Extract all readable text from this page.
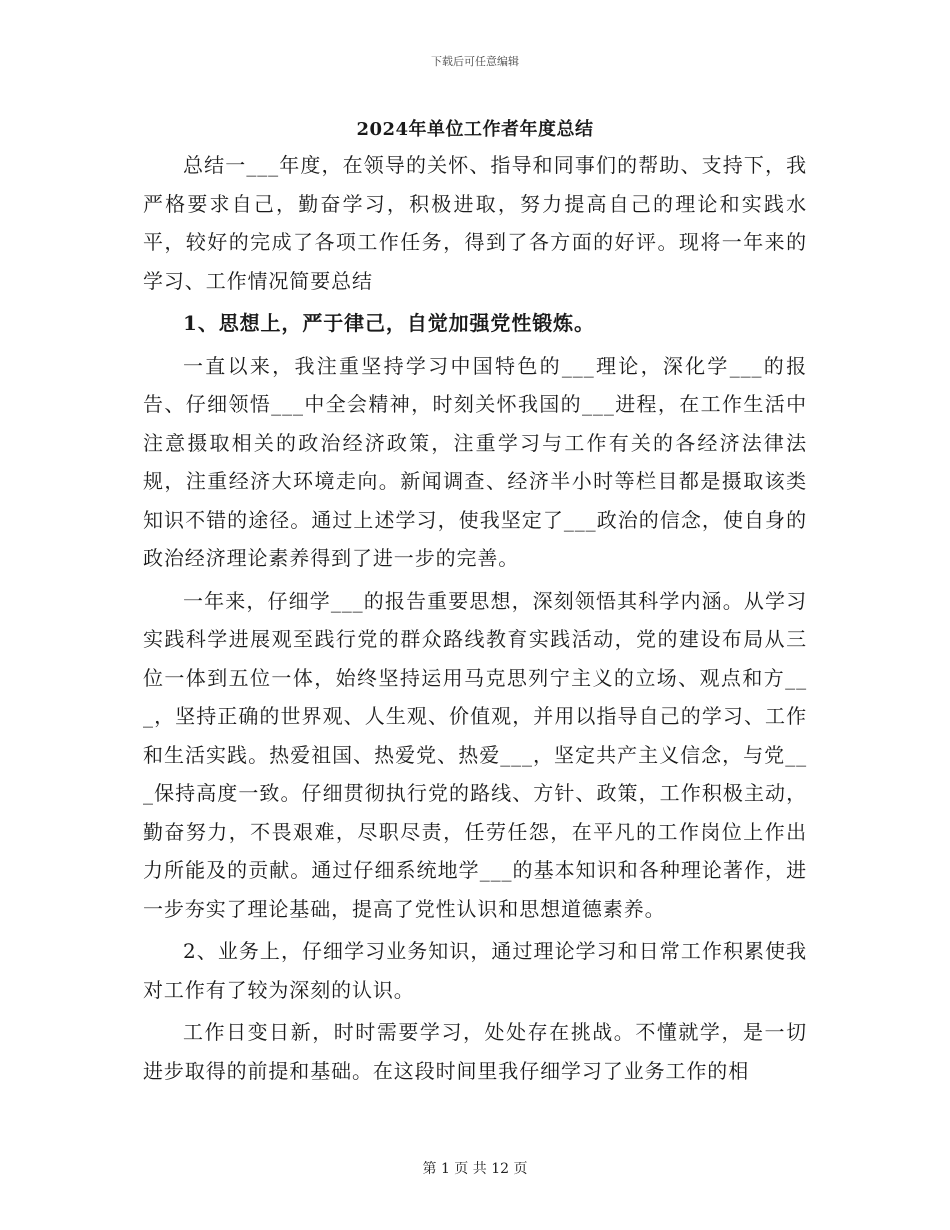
下载后可任意编辑
2024年单位工作者年度总结

总结一___年度，在领导的关怀、指导和同事们的帮助、支持下，我严格要求自己，勤奋学习，积极进取，努力提高自己的理论和实践水平，较好的完成了各项工作任务，得到了各方面的好评。现将一年来的学习、工作情况简要总结

1、思想上，严于律己，自觉加强党性锻炼。

一直以来，我注重坚持学习中国特色的___理论，深化学___的报告、仔细领悟___中全会精神，时刻关怀我国的___进程，在工作生活中注意摄取相关的政治经济政策，注重学习与工作有关的各经济法律法规，注重经济大环境走向。新闻调查、经济半小时等栏目都是摄取该类知识不错的途径。通过上述学习，使我坚定了___政治的信念，使自身的政治经济理论素养得到了进一步的完善。

一年来，仔细学___的报告重要思想，深刻领悟其科学内涵。从学习实践科学进展观至践行党的群众路线教育实践活动，党的建设布局从三位一体到五位一体，始终坚持运用马克思列宁主义的立场、观点和方___，坚持正确的世界观、人生观、价值观，并用以指导自己的学习、工作和生活实践。热爱祖国、热爱党、热爱___，坚定共产主义信念，与党___保持高度一致。仔细贯彻执行党的路线、方针、政策，工作积极主动，勤奋努力，不畏艰难，尽职尽责，任劳任怨，在平凡的工作岗位上作出力所能及的贡献。通过仔细系统地学___的基本知识和各种理论著作，进一步夯实了理论基础，提高了党性认识和思想道德素养。

2、业务上，仔细学习业务知识，通过理论学习和日常工作积累使我对工作有了较为深刻的认识。

工作日变日新，时时需要学习，处处存在挑战。不懂就学，是一切进步取得的前提和基础。在这段时间里我仔细学习了业务工作的相

第 1 页 共 12 页
